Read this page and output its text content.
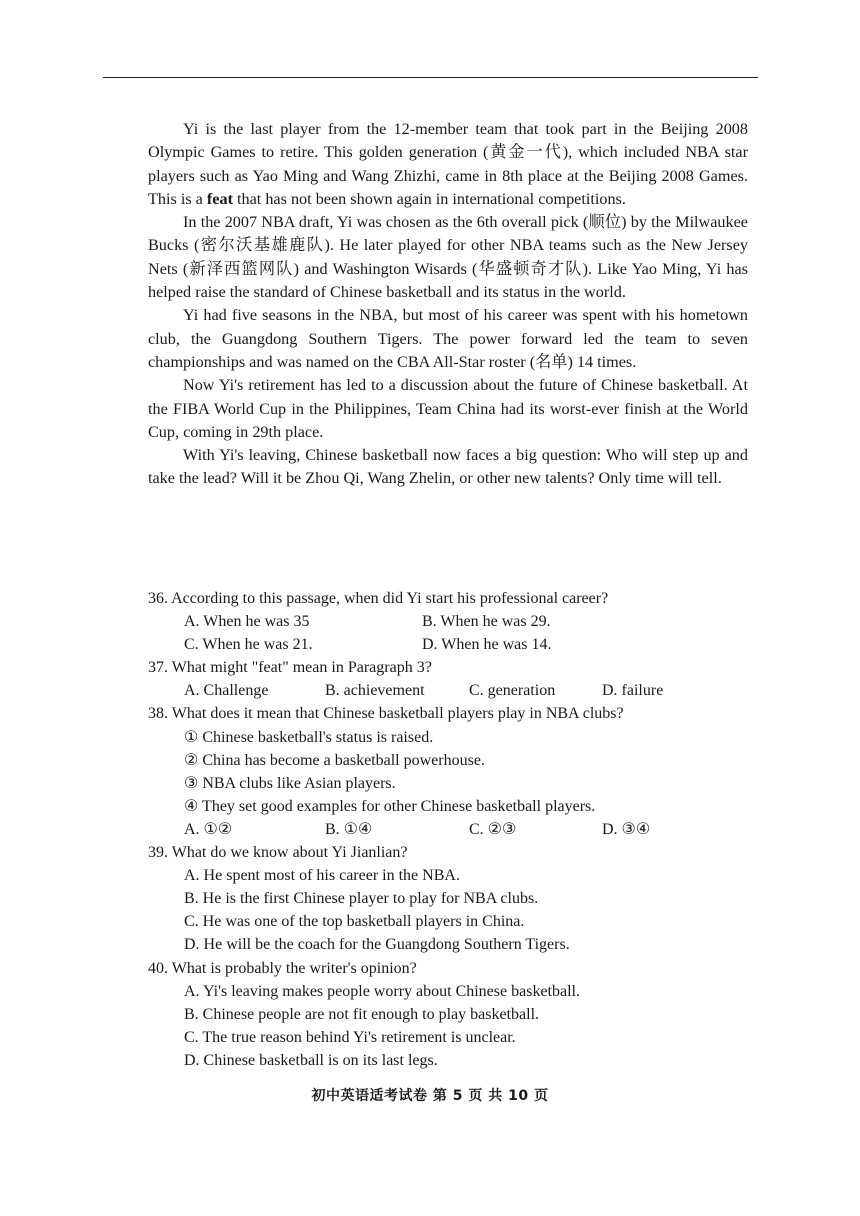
Yi is the last player from the 12-member team that took part in the Beijing 2008 Olympic Games to retire. This golden generation (黄金一代), which included NBA star players such as Yao Ming and Wang Zhizhi, came in 8th place at the Beijing 2008 Games. This is a feat that has not been shown again in international competitions.

In the 2007 NBA draft, Yi was chosen as the 6th overall pick (顺位) by the Milwaukee Bucks (密尔沃基雄鹿队). He later played for other NBA teams such as the New Jersey Nets (新泽西篮网队) and Washington Wisards (华盛顿奇才队). Like Yao Ming, Yi has helped raise the standard of Chinese basketball and its status in the world.

Yi had five seasons in the NBA, but most of his career was spent with his hometown club, the Guangdong Southern Tigers. The power forward led the team to seven championships and was named on the CBA All-Star roster (名单) 14 times.

Now Yi's retirement has led to a discussion about the future of Chinese basketball. At the FIBA World Cup in the Philippines, Team China had its worst-ever finish at the World Cup, coming in 29th place.

With Yi's leaving, Chinese basketball now faces a big question: Who will step up and take the lead? Will it be Zhou Qi, Wang Zhelin, or other new talents? Only time will tell.

36. According to this passage, when did Yi start his professional career?
A. When he was 35	B. When he was 29.
C. When he was 21.	D. When he was 14.
37. What might "feat" mean in Paragraph 3?
A. Challenge	B. achievement	C. generation	D. failure
38. What does it mean that Chinese basketball players play in NBA clubs?
① Chinese basketball's status is raised.
② China has become a basketball powerhouse.
③ NBA clubs like Asian players.
④ They set good examples for other Chinese basketball players.
A. ①②	B. ①④	C. ②③	D. ③④
39. What do we know about Yi Jianlian?
A. He spent most of his career in the NBA.
B. He is the first Chinese player to play for NBA clubs.
C. He was one of the top basketball players in China.
D. He will be the coach for the Guangdong Southern Tigers.
40. What is probably the writer's opinion?
A. Yi's leaving makes people worry about Chinese basketball.
B. Chinese people are not fit enough to play basketball.
C. The true reason behind Yi's retirement is unclear.
D. Chinese basketball is on its last legs.
初中英语适考试卷 第 5 页 共 10 页
